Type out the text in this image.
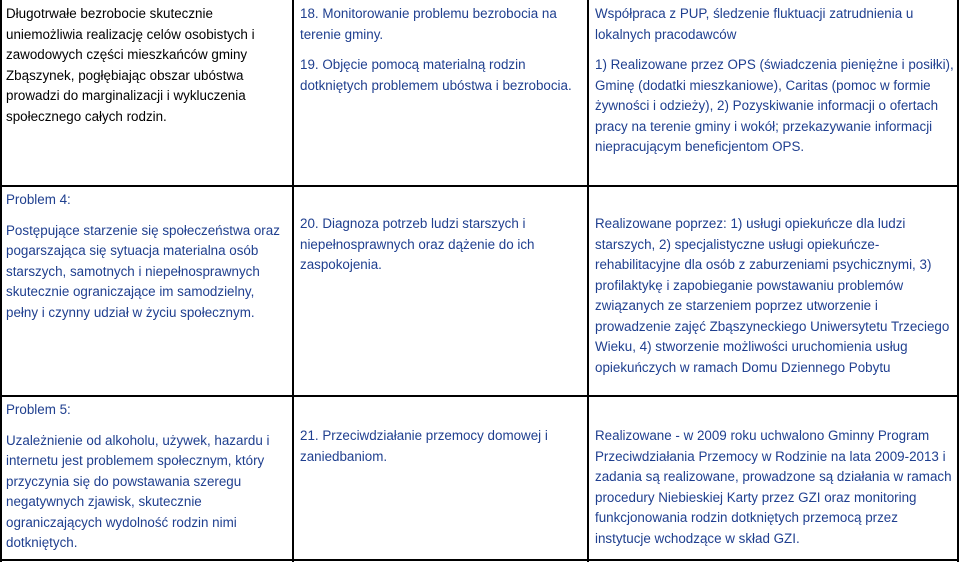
Długotrwałe bezrobocie skutecznie uniemożliwia realizację celów osobistych i zawodowych części mieszkańców gminy Zbąszynek, pogłębiając obszar ubóstwa prowadzi do marginalizacji i wykluczenia społecznego całych rodzin.

18. Monitorowanie problemu bezrobocia na terenie gminy.

19. Objęcie pomocą materialną rodzin dotkniętych problemem ubóstwa i bezrobocia.

Współpraca z PUP, śledzenie fluktuacji zatrudnienia u lokalnych pracodawców

1) Realizowane przez OPS (świadczenia pieniężne i posiłki), Gminę (dodatki mieszkaniowe), Caritas (pomoc w formie żywności i odzieży), 2) Pozyskiwanie informacji o ofertach pracy na terenie gminy i wokół; przekazywanie informacji niepracującym beneficjentom OPS.

Problem 4:

Postępujące starzenie się społeczeństwa oraz pogarszająca się sytuacja materialna osób starszych, samotnych i niepełnosprawnych skutecznie ograniczające im samodzielny, pełny i czynny udział w życiu społecznym.

20. Diagnoza potrzeb ludzi starszych i niepełnosprawnych oraz dążenie do ich zaspokojenia.

Realizowane poprzez: 1) usługi opiekuńcze dla ludzi starszych, 2) specjalistyczne usługi opiekuńcze-rehabilitacyjne dla osób z zaburzeniami psychicznymi, 3) profilaktykę i zapobieganie powstawaniu problemów związanych ze starzeniem poprzez utworzenie i prowadzenie zajęć Zbąszyneckiego Uniwersytetu Trzeciego Wieku, 4) stworzenie możliwości uruchomienia usług opiekuńczych w ramach Domu Dziennego Pobytu

Problem 5:

Uzależnienie od alkoholu, używek, hazardu i internetu jest problemem społecznym, który przyczynia się do powstawania szeregu negatywnych zjawisk, skutecznie ograniczających wydolność rodzin nimi dotkniętych.

21. Przeciwdziałanie przemocy domowej i zaniedbaniom.

Realizowane - w 2009 roku uchwalono Gminny Program Przeciwdziałania Przemocy w Rodzinie na lata 2009-2013 i zadania są realizowane, prowadzone są działania w ramach procedury Niebieskiej Karty przez GZI oraz monitoring funkcjonowania rodzin dotkniętych przemocą przez instytucje wchodzące w skład GZI.
